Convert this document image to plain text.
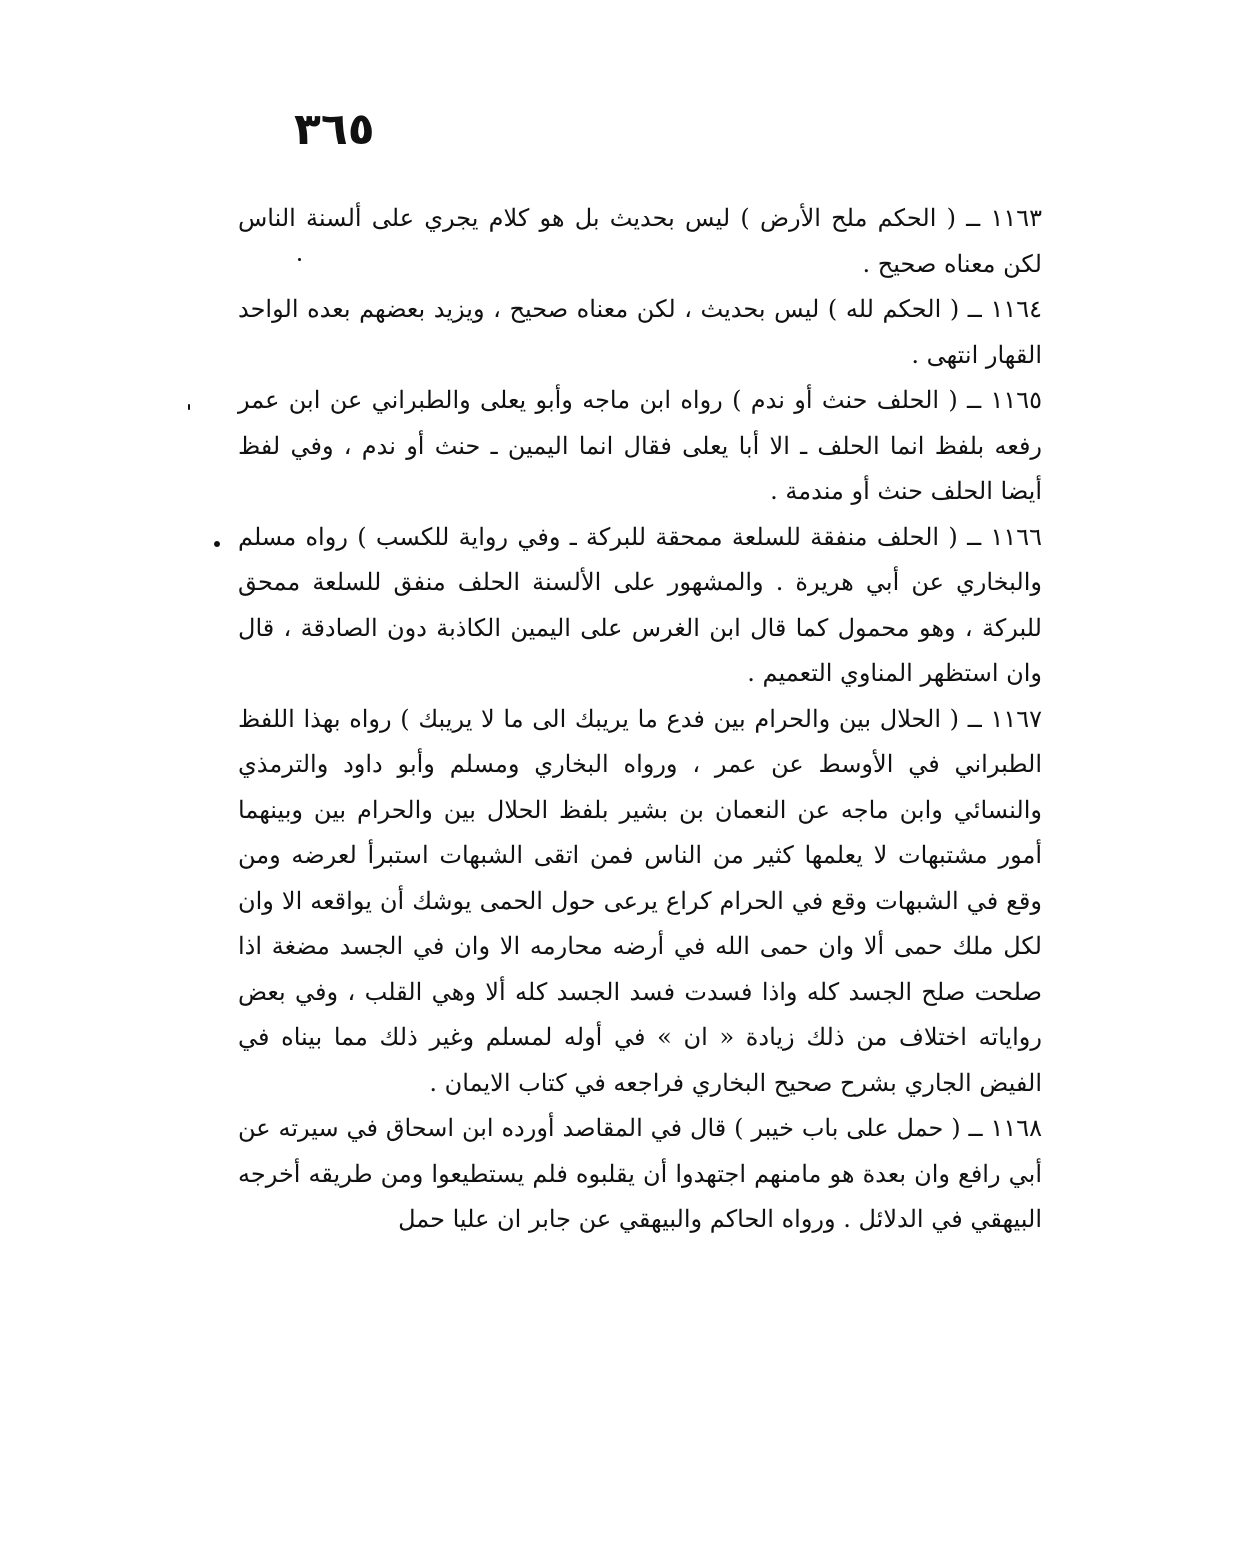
٣٦٥

١١٦٣ ــ ( الحكم ملح الأرض ) ليس بحديث بل هو كلام يجري على ألسنة الناس لكن معناه صحيح .

١١٦٤ ــ ( الحكم لله ) ليس بحديث ، لكن معناه صحيح ، ويزيد بعضهم بعده الواحد القهار انتهى .

١١٦٥ ــ ( الحلف حنث أو ندم ) رواه ابن ماجه وأبو يعلى والطبراني عن ابن عمر رفعه بلفظ انما الحلف ـ الا أبا يعلى فقال انما اليمين ـ حنث أو ندم ، وفي لفظ أيضا الحلف حنث أو مندمة .

١١٦٦ ــ ( الحلف منفقة للسلعة ممحقة للبركة ـ وفي رواية للكسب ) رواه مسلم والبخاري عن أبي هريرة . والمشهور على الألسنة الحلف منفق للسلعة ممحق للبركة ، وهو محمول كما قال ابن الغرس على اليمين الكاذبة دون الصادقة ، قال وان استظهر المناوي التعميم .

١١٦٧ ــ ( الحلال بين والحرام بين فدع ما يريبك الى ما لا يريبك ) رواه بهذا اللفظ الطبراني في الأوسط عن عمر ، ورواه البخاري ومسلم وأبو داود والترمذي والنسائي وابن ماجه عن النعمان بن بشير بلفظ الحلال بين والحرام بين وبينهما أمور مشتبهات لا يعلمها كثير من الناس فمن اتقى الشبهات استبرأ لعرضه ومن وقع في الشبهات وقع في الحرام كراع يرعى حول الحمى يوشك أن يواقعه الا وان لكل ملك حمى ألا وان حمى الله في أرضه محارمه الا وان في الجسد مضغة اذا صلحت صلح الجسد كله واذا فسدت فسد الجسد كله ألا وهي القلب ، وفي بعض رواياته اختلاف من ذلك زيادة « ان » في أوله لمسلم وغير ذلك مما بيناه في الفيض الجاري بشرح صحيح البخاري فراجعه في كتاب الايمان .

١١٦٨ ــ ( حمل على باب خيبر ) قال في المقاصد أورده ابن اسحاق في سيرته عن أبي رافع وان بعدة هو مامنهم اجتهدوا أن يقلبوه فلم يستطيعوا ومن طريقه أخرجه البيهقي في الدلائل . ورواه الحاكم والبيهقي عن جابر ان عليا حمل
